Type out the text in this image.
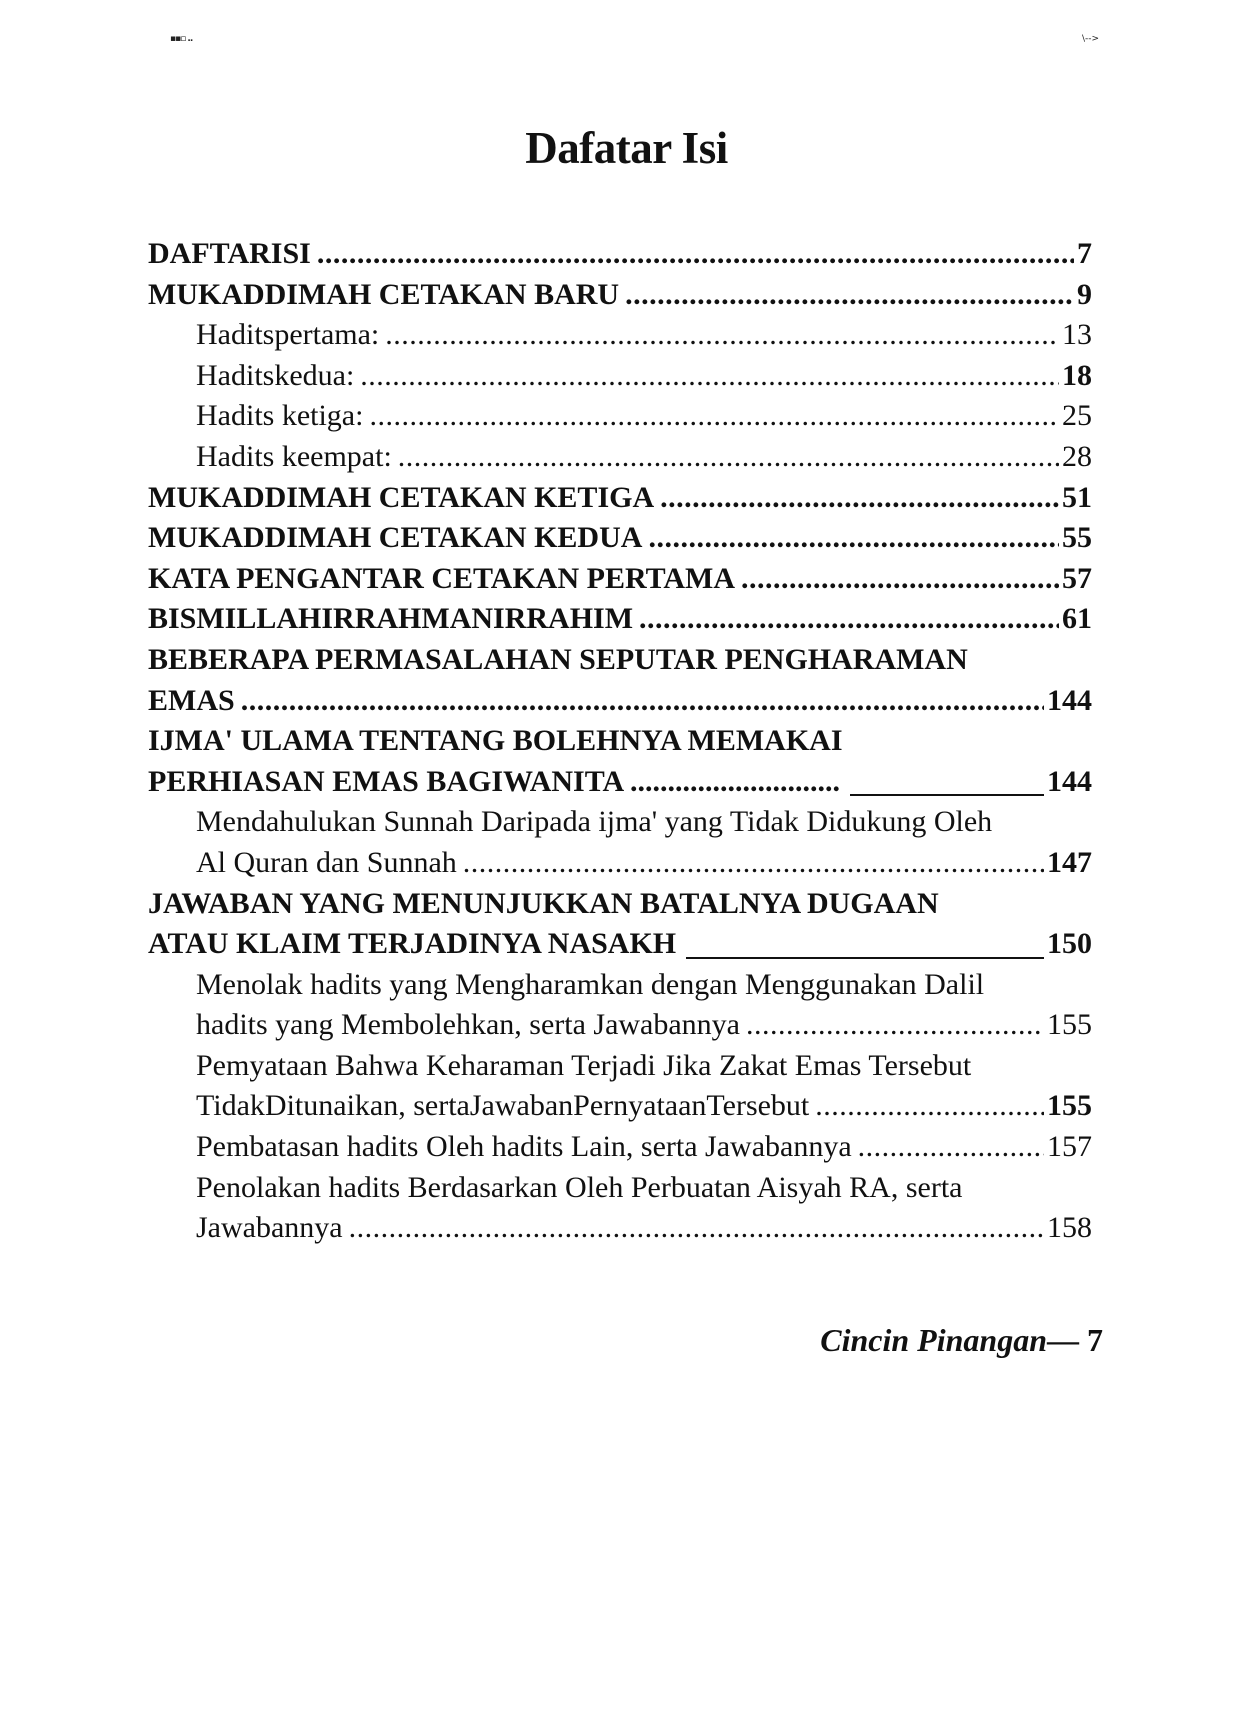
▪▪▫ ..	\-->
Dafatar Isi
DAFTARISI .....	7
MUKADDIMAH CETAKAN BARU .....	9
Haditspertama: .....	13
Haditskedua: .....	18
Hadits ketiga: .....	25
Hadits keempat: .....	28
MUKADDIMAH CETAKAN KETIGA .....	51
MUKADDIMAH CETAKAN KEDUA .....	55
KATA PENGANTAR CETAKAN PERTAMA .....	57
BISMILLAHIRRAHMANIRRAHIM .....	61
BEBERAPA PERMASALAHAN SEPUTAR PENGHARAMAN
EMAS .....	144
IJMA' ULAMA TENTANG BOLEHNYA MEMAKAI
PERHIASAN EMAS BAGIWANITA ............................	144
Mendahulukan Sunnah Daripada ijma' yang Tidak Didukung Oleh
Al Quran dan Sunnah .....	147
JAWABAN YANG MENUNJUKKAN BATALNYA DUGAAN
ATAU KLAIM TERJADINYA NASAKH	150
Menolak hadits yang Mengharamkan dengan Menggunakan Dalil
hadits yang Membolehkan, serta Jawabannya .....	155
Pemyataan Bahwa Keharaman Terjadi Jika Zakat Emas Tersebut
TidakDitunaikan, sertaJawabanPernyataanTersebut .....	155
Pembatasan hadits Oleh hadits Lain, serta Jawabannya .....	157
Penolakan hadits Berdasarkan Oleh Perbuatan Aisyah RA, serta
Jawabannya .....	158
Cincin Pinangan— 7
